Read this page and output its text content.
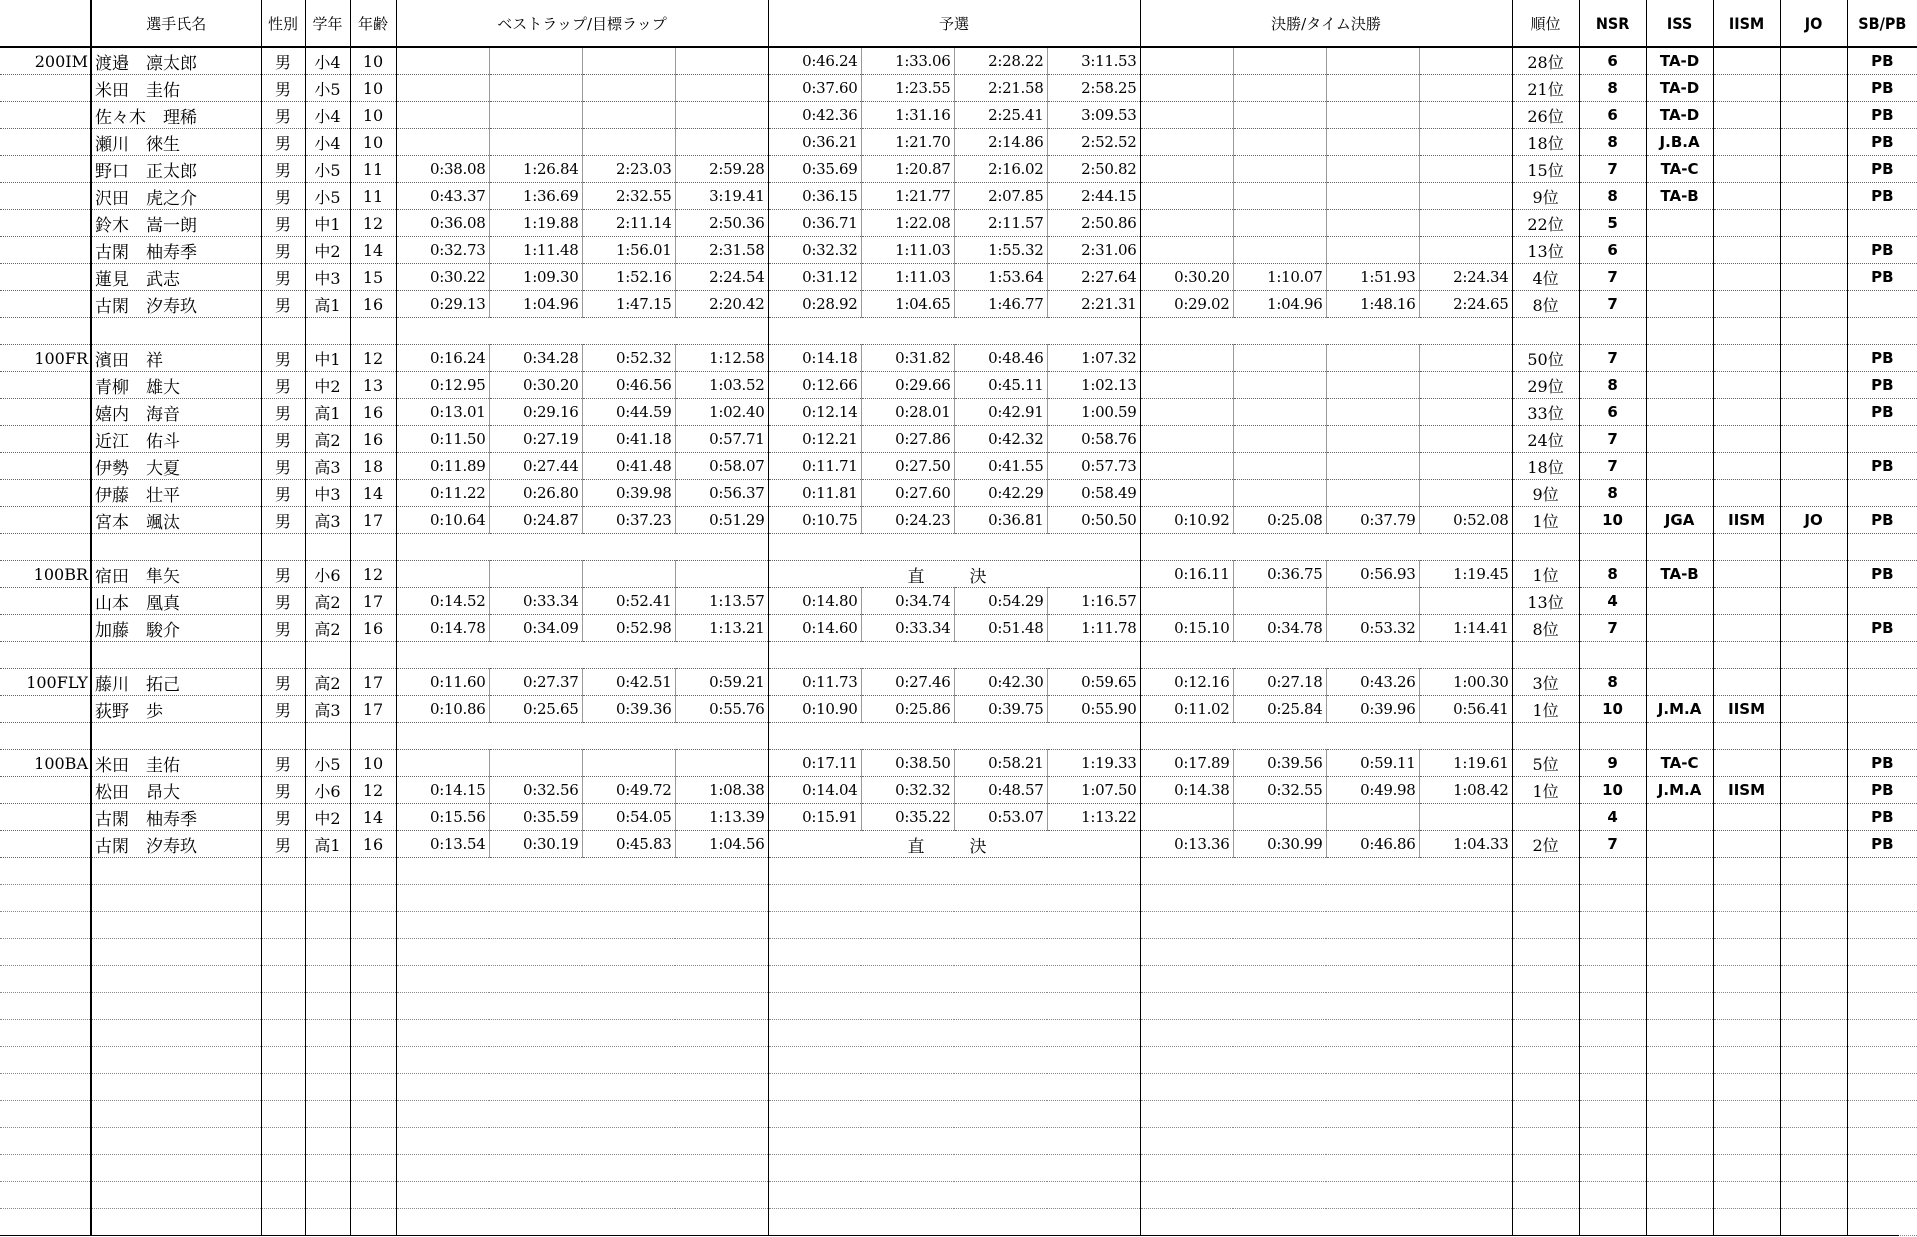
	選手氏名	性別	学年	年齢	ベストラップ/目標ラップ				予選				決勝/タイム決勝				順位	NSR	ISS	IISM	JO	SB/PB
200IM	渡邉　凛太郎	男	小4	10					0:46.24	1:33.06	2:28.22	3:11.53					28位	6	TA-D			PB
	米田　圭佑	男	小5	10					0:37.60	1:23.55	2:21.58	2:58.25					21位	8	TA-D			PB
	佐々木　理稀	男	小4	10					0:42.36	1:31.16	2:25.41	3:09.53					26位	6	TA-D			PB
	瀬川　徠生	男	小4	10					0:36.21	1:21.70	2:14.86	2:52.52					18位	8	J.B.A			PB
	野口　正太郎	男	小5	11	0:38.08	1:26.84	2:23.03	2:59.28	0:35.69	1:20.87	2:16.02	2:50.82					15位	7	TA-C			PB
	沢田　虎之介	男	小5	11	0:43.37	1:36.69	2:32.55	3:19.41	0:36.15	1:21.77	2:07.85	2:44.15					9位	8	TA-B			PB
	鈴木　嵩一朗	男	中1	12	0:36.08	1:19.88	2:11.14	2:50.36	0:36.71	1:22.08	2:11.57	2:50.86					22位	5				
	古閑　柚寿季	男	中2	14	0:32.73	1:11.48	1:56.01	2:31.58	0:32.32	1:11.03	1:55.32	2:31.06					13位	6				PB
	蓮見　武志	男	中3	15	0:30.22	1:09.30	1:52.16	2:24.54	0:31.12	1:11.03	1:53.64	2:27.64	0:30.20	1:10.07	1:51.93	2:24.34	4位	7				PB
	古閑　汐寿玖	男	高1	16	0:29.13	1:04.96	1:47.15	2:20.42	0:28.92	1:04.65	1:46.77	2:21.31	0:29.02	1:04.96	1:48.16	2:24.65	8位	7				

100FR	濱田　祥	男	中1	12	0:16.24	0:34.28	0:52.32	1:12.58	0:14.18	0:31.82	0:48.46	1:07.32					50位	7				PB
	青柳　雄大	男	中2	13	0:12.95	0:30.20	0:46.56	1:03.52	0:12.66	0:29.66	0:45.11	1:02.13					29位	8				PB
	嬉内　海音	男	高1	16	0:13.01	0:29.16	0:44.59	1:02.40	0:12.14	0:28.01	0:42.91	1:00.59					33位	6				PB
	近江　佑斗	男	高2	16	0:11.50	0:27.19	0:41.18	0:57.71	0:12.21	0:27.86	0:42.32	0:58.76					24位	7				
	伊勢　大夏	男	高3	18	0:11.89	0:27.44	0:41.48	0:58.07	0:11.71	0:27.50	0:41.55	0:57.73					18位	7				PB
	伊藤　壮平	男	中3	14	0:11.22	0:26.80	0:39.98	0:56.37	0:11.81	0:27.60	0:42.29	0:58.49					9位	8				
	宮本　颯汰	男	高3	17	0:10.64	0:24.87	0:37.23	0:51.29	0:10.75	0:24.23	0:36.81	0:50.50	0:10.92	0:25.08	0:37.79	0:52.08	1位	10	JGA	IISM	JO	PB

100BR	宿田　隼矢	男	小6	12					直　決				0:16.11	0:36.75	0:56.93	1:19.45	1位	8	TA-B			PB
	山本　凰真	男	高2	17	0:14.52	0:33.34	0:52.41	1:13.57	0:14.80	0:34.74	0:54.29	1:16.57					13位	4				
	加藤　駿介	男	高2	16	0:14.78	0:34.09	0:52.98	1:13.21	0:14.60	0:33.34	0:51.48	1:11.78	0:15.10	0:34.78	0:53.32	1:14.41	8位	7				PB

100FLY	藤川　拓己	男	高2	17	0:11.60	0:27.37	0:42.51	0:59.21	0:11.73	0:27.46	0:42.30	0:59.65	0:12.16	0:27.18	0:43.26	1:00.30	3位	8				
	荻野　歩	男	高3	17	0:10.86	0:25.65	0:39.36	0:55.76	0:10.90	0:25.86	0:39.75	0:55.90	0:11.02	0:25.84	0:39.96	0:56.41	1位	10	J.M.A	IISM		

100BA	米田　圭佑	男	小5	10					0:17.11	0:38.50	0:58.21	1:19.33	0:17.89	0:39.56	0:59.11	1:19.61	5位	9	TA-C			PB
	松田　昂大	男	小6	12	0:14.15	0:32.56	0:49.72	1:08.38	0:14.04	0:32.32	0:48.57	1:07.50	0:14.38	0:32.55	0:49.98	1:08.42	1位	10	J.M.A	IISM		PB
	古閑　柚寿季	男	中2	14	0:15.56	0:35.59	0:54.05	1:13.39	0:15.91	0:35.22	0:53.07	1:13.22						4				PB
	古閑　汐寿玖	男	高1	16	0:13.54	0:30.19	0:45.83	1:04.56	直　決				0:13.36	0:30.99	0:46.86	1:04.33	2位	7				PB
